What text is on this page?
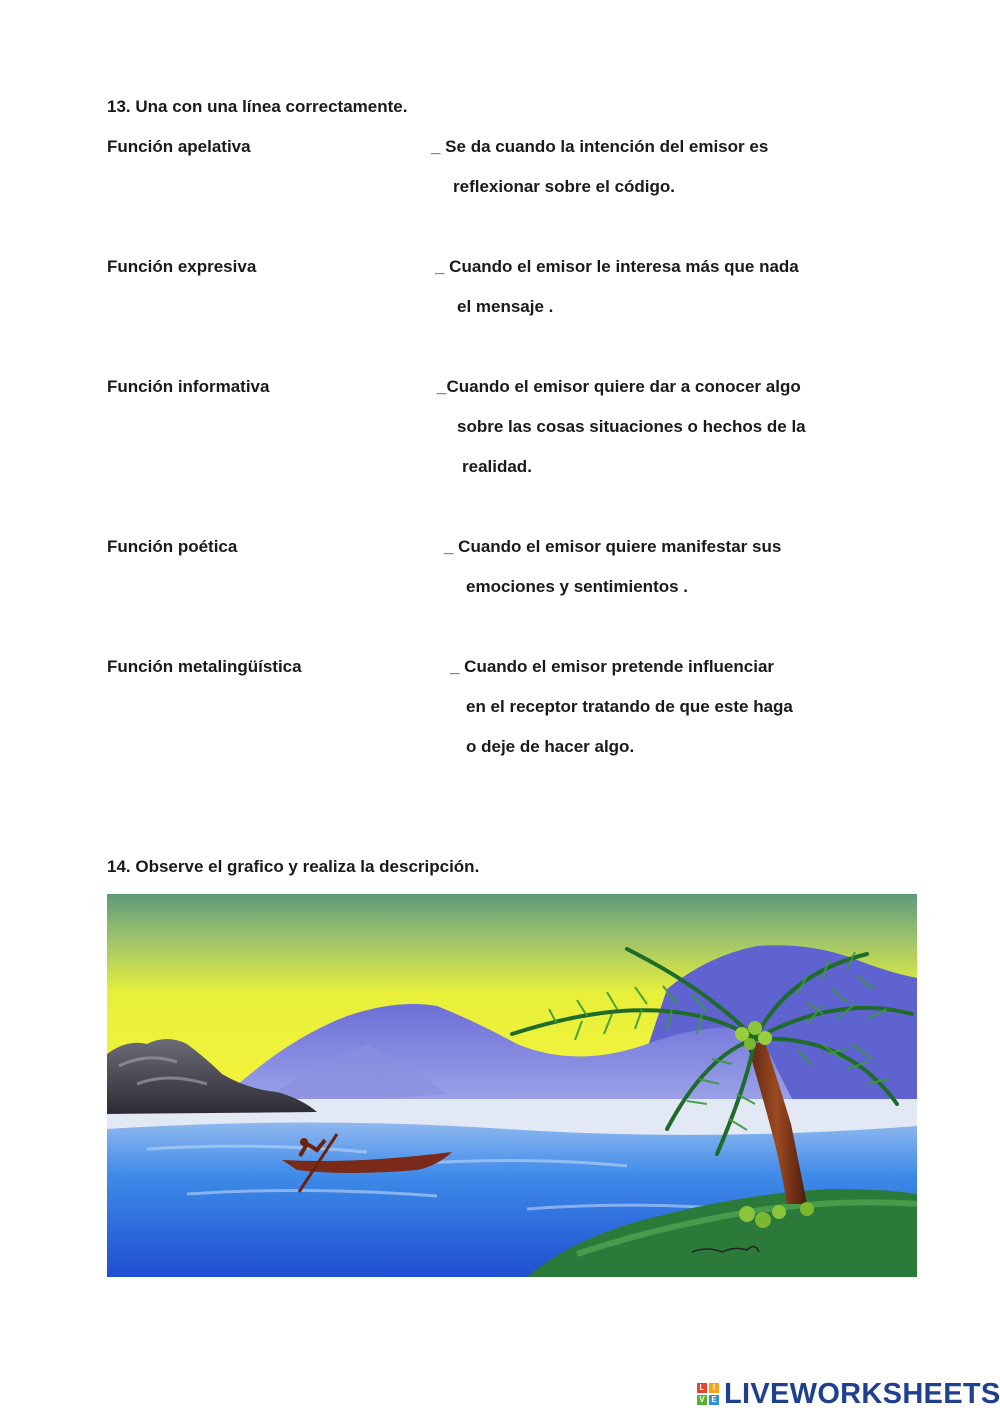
13. Una con una línea correctamente.
Función apelativa
Función expresiva
Función informativa
Función poética
Función metalingüística
_ Se da cuando la intención del emisor es
reflexionar sobre el código.
_ Cuando el emisor le interesa más que nada
el mensaje .
_Cuando el emisor quiere dar a conocer algo
sobre las cosas situaciones o hechos de la
realidad.
_ Cuando el emisor quiere manifestar sus
emociones y sentimientos .
_ Cuando el emisor pretende influenciar
en el receptor tratando de que este haga
o deje de hacer algo.
14. Observe el grafico y realiza la descripción.
L	I
V E LIVEWORKSHEETS
